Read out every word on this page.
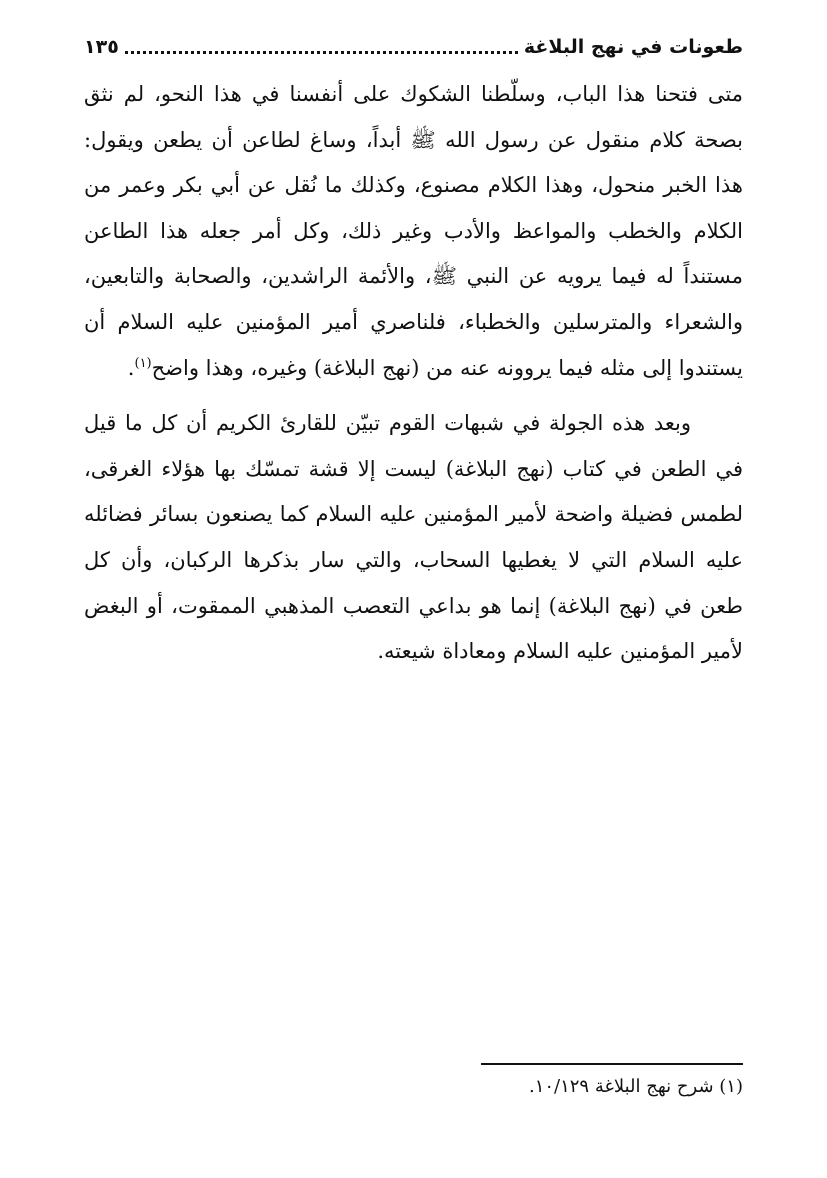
طعونات في نهج البلاغة
١٣٥

متى فتحنا هذا الباب، وسلّطنا الشكوك على أنفسنا في هذا النحو، لم نثق بصحة كلام منقول عن رسول الله ﷺ أبداً، وساغ لطاعن أن يطعن ويقول: هذا الخبر منحول، وهذا الكلام مصنوع، وكذلك ما نُقل عن أبي بكر وعمر من الكلام والخطب والمواعظ والأدب وغير ذلك، وكل أمر جعله هذا الطاعن مستنداً له فيما يرويه عن النبي ﷺ، والأئمة الراشدين، والصحابة والتابعين، والشعراء والمترسلين والخطباء، فلناصري أمير المؤمنين عليه السلام أن يستندوا إلى مثله فيما يروونه عنه من (نهج البلاغة) وغيره، وهذا واضح$^{(١)}$.

وبعد هذه الجولة في شبهات القوم تبيّن للقارئ الكريم أن كل ما قيل في الطعن في كتاب (نهج البلاغة) ليست إلا قشة تمسّك بها هؤلاء الغرقى، لطمس فضيلة واضحة لأمير المؤمنين عليه السلام كما يصنعون بسائر فضائله عليه السلام التي لا يغطيها السحاب، والتي سار بذكرها الركبان، وأن كل طعن في (نهج البلاغة) إنما هو بداعي التعصب المذهبي الممقوت، أو البغض لأمير المؤمنين عليه السلام ومعاداة شيعته.

(١) شرح نهج البلاغة ١٠/١٢٩.
